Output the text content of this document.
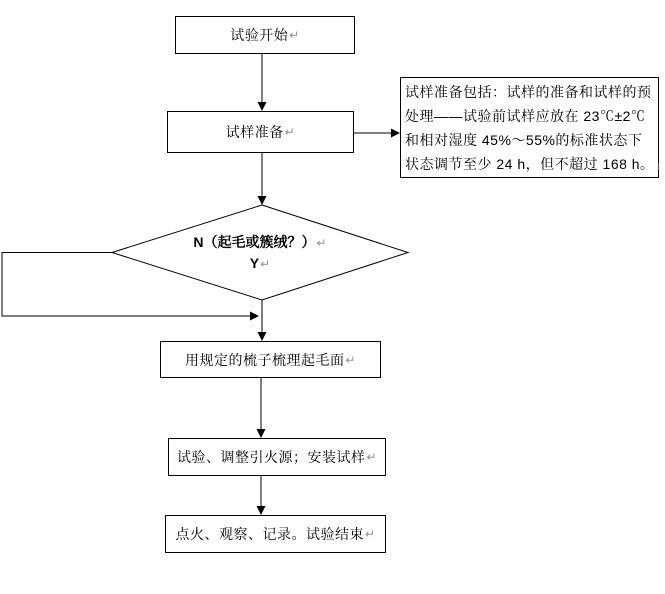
试验开始 ↵
试样准备 ↵
试样准备包括：试样的准备和试样的预
处理——试验前试样应放在 23℃±2℃
和相对湿度 45%～55%的标准状态下
状态调节至少 24 h，但不超过 168 h。↓
N（起毛或簇绒？）↵
Y↵
用规定的梳子梳理起毛面 ↵
试验、调整引火源；安装试样 ↵
点火、观察、记录。试验结束 ↵
